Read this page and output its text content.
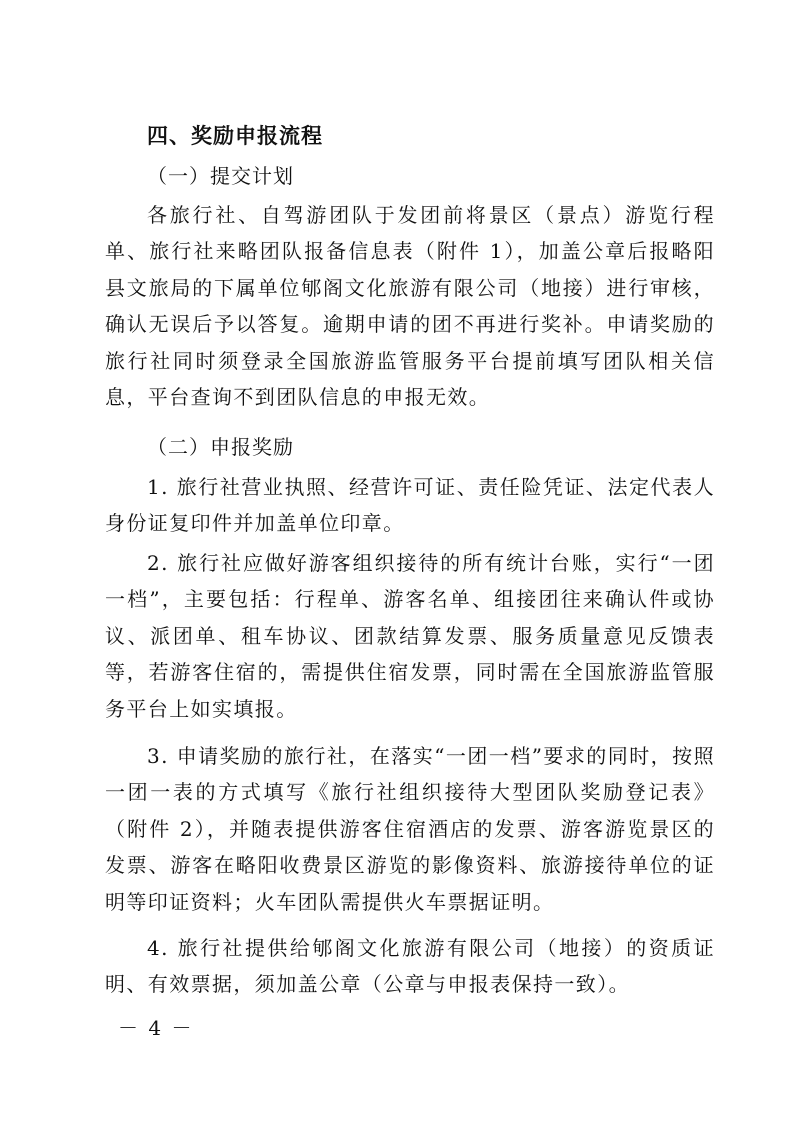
四、奖励申报流程
（一）提交计划
各旅行社、自驾游团队于发团前将景区（景点）游览行程单、旅行社来略团队报备信息表（附件 1），加盖公章后报略阳县文旅局的下属单位郇阁文化旅游有限公司（地接）进行审核，确认无误后予以答复。逾期申请的团不再进行奖补。申请奖励的旅行社同时须登录全国旅游监管服务平台提前填写团队相关信息，平台查询不到团队信息的申报无效。
（二）申报奖励
1. 旅行社营业执照、经营许可证、责任险凭证、法定代表人身份证复印件并加盖单位印章。
2. 旅行社应做好游客组织接待的所有统计台账，实行“一团一档”，主要包括：行程单、游客名单、组接团往来确认件或协议、派团单、租车协议、团款结算发票、服务质量意见反馈表等，若游客住宿的，需提供住宿发票，同时需在全国旅游监管服务平台上如实填报。
3. 申请奖励的旅行社，在落实“一团一档”要求的同时，按照一团一表的方式填写《旅行社组织接待大型团队奖励登记表》（附件 2），并随表提供游客住宿酒店的发票、游客游览景区的发票、游客在略阳收费景区游览的影像资料、旅游接待单位的证明等印证资料；火车团队需提供火车票据证明。
4. 旅行社提供给郇阁文化旅游有限公司（地接）的资质证明、有效票据，须加盖公章（公章与申报表保持一致）。
－ 4 －
